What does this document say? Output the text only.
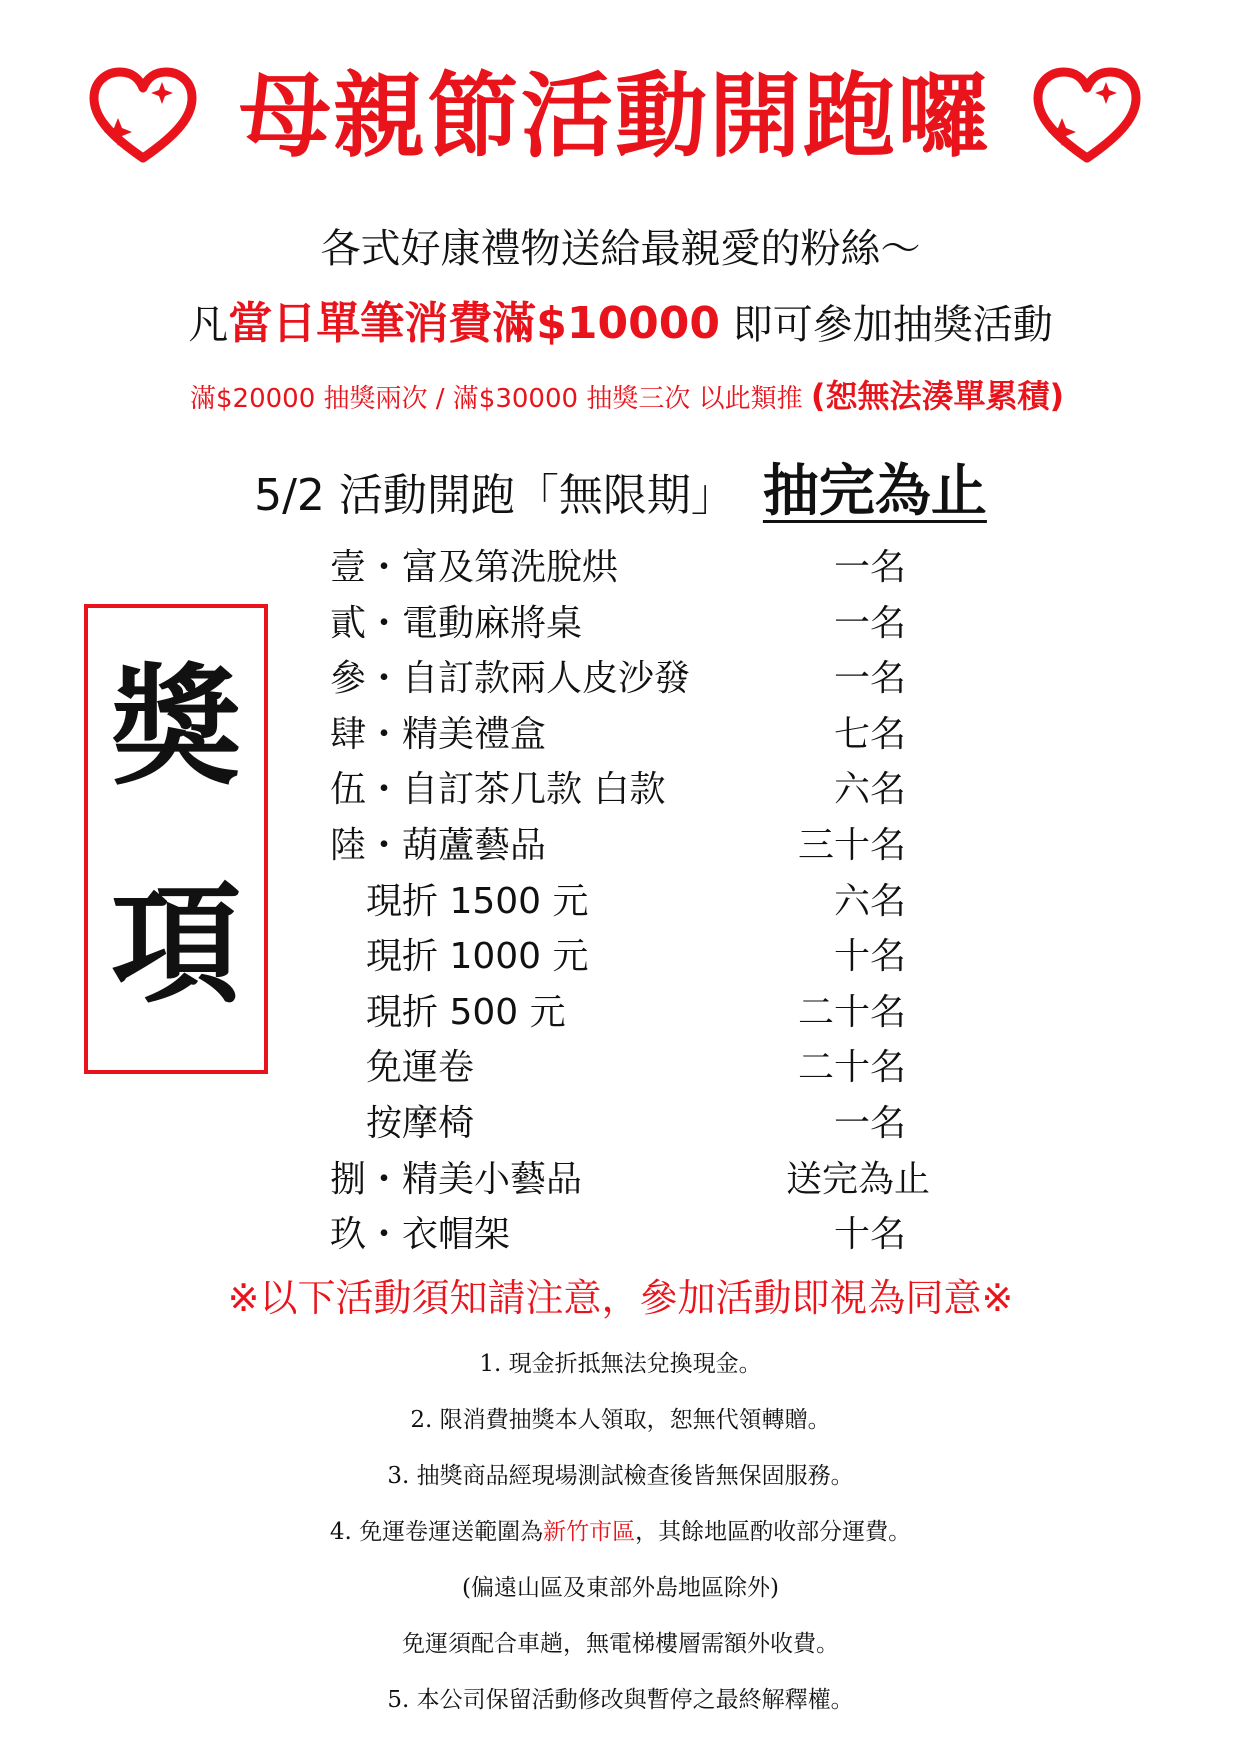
母親節活動開跑囉
各式好康禮物送給最親愛的粉絲～
凡當日單筆消費滿$10000 即可參加抽獎活動
滿$20000 抽獎兩次 / 滿$30000 抽獎三次 以此類推 (恕無法湊單累積)
5/2 活動開跑「無限期」 抽完為止
獎
項
壹・富及第洗脫烘	一名
貳・電動麻將桌	一名
參・自訂款兩人皮沙發	一名
肆・精美禮盒	七名
伍・自訂茶几款 白款	六名
陸・葫蘆藝品	三十名
現折 1500 元	六名
現折 1000 元	十名
現折 500 元	二十名
免運卷	二十名
按摩椅	一名
捌・精美小藝品	送完為止
玖・衣帽架	十名
※以下活動須知請注意，參加活動即視為同意※
1. 現金折抵無法兌換現金。
2. 限消費抽獎本人領取，恕無代領轉贈。
3. 抽獎商品經現場測試檢查後皆無保固服務。
4. 免運卷運送範圍為新竹市區，其餘地區酌收部分運費。
(偏遠山區及東部外島地區除外)
免運須配合車趟，無電梯樓層需額外收費。
5. 本公司保留活動修改與暫停之最終解釋權。
